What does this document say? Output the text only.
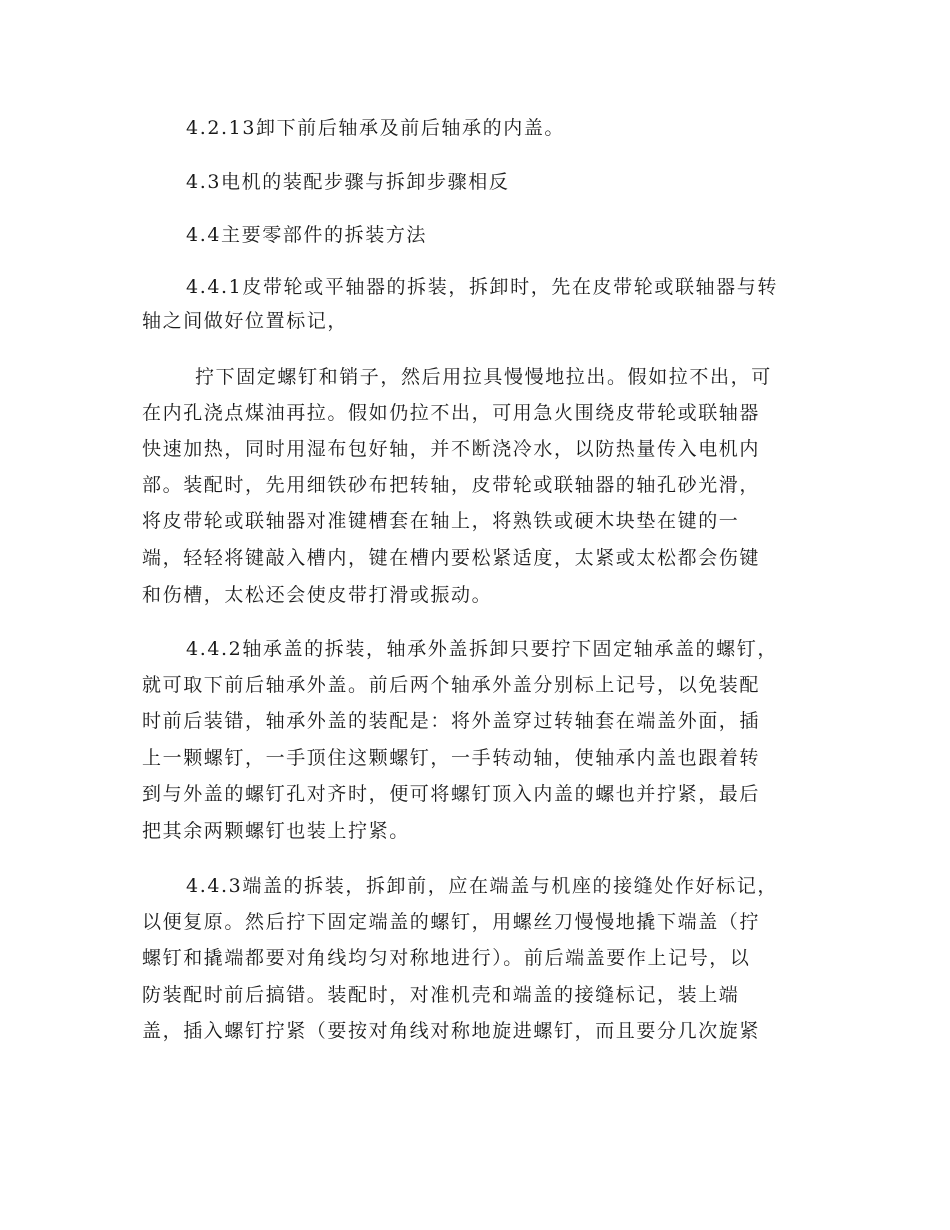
4.2.13卸下前后轴承及前后轴承的内盖。
4.3电机的装配步骤与拆卸步骤相反
4.4主要零部件的拆装方法
4.4.1皮带轮或平轴器的拆装，拆卸时，先在皮带轮或联轴器与转
轴之间做好位置标记，
拧下固定螺钉和销子，然后用拉具慢慢地拉出。假如拉不出，可
在内孔浇点煤油再拉。假如仍拉不出，可用急火围绕皮带轮或联轴器
快速加热，同时用湿布包好轴，并不断浇冷水，以防热量传入电机内
部。装配时，先用细铁砂布把转轴，皮带轮或联轴器的轴孔砂光滑，
将皮带轮或联轴器对准键槽套在轴上，将熟铁或硬木块垫在键的一
端，轻轻将键敲入槽内，键在槽内要松紧适度，太紧或太松都会伤键
和伤槽，太松还会使皮带打滑或振动。
4.4.2轴承盖的拆装，轴承外盖拆卸只要拧下固定轴承盖的螺钉，
就可取下前后轴承外盖。前后两个轴承外盖分别标上记号，以免装配
时前后装错，轴承外盖的装配是：将外盖穿过转轴套在端盖外面，插
上一颗螺钉，一手顶住这颗螺钉，一手转动轴，使轴承内盖也跟着转
到与外盖的螺钉孔对齐时，便可将螺钉顶入内盖的螺也并拧紧，最后
把其余两颗螺钉也装上拧紧。
4.4.3端盖的拆装，拆卸前，应在端盖与机座的接缝处作好标记，
以便复原。然后拧下固定端盖的螺钉，用螺丝刀慢慢地撬下端盖（拧
螺钉和撬端都要对角线均匀对称地进行）。前后端盖要作上记号，以
防装配时前后搞错。装配时，对准机壳和端盖的接缝标记，装上端
盖，插入螺钉拧紧（要按对角线对称地旋进螺钉，而且要分几次旋紧
